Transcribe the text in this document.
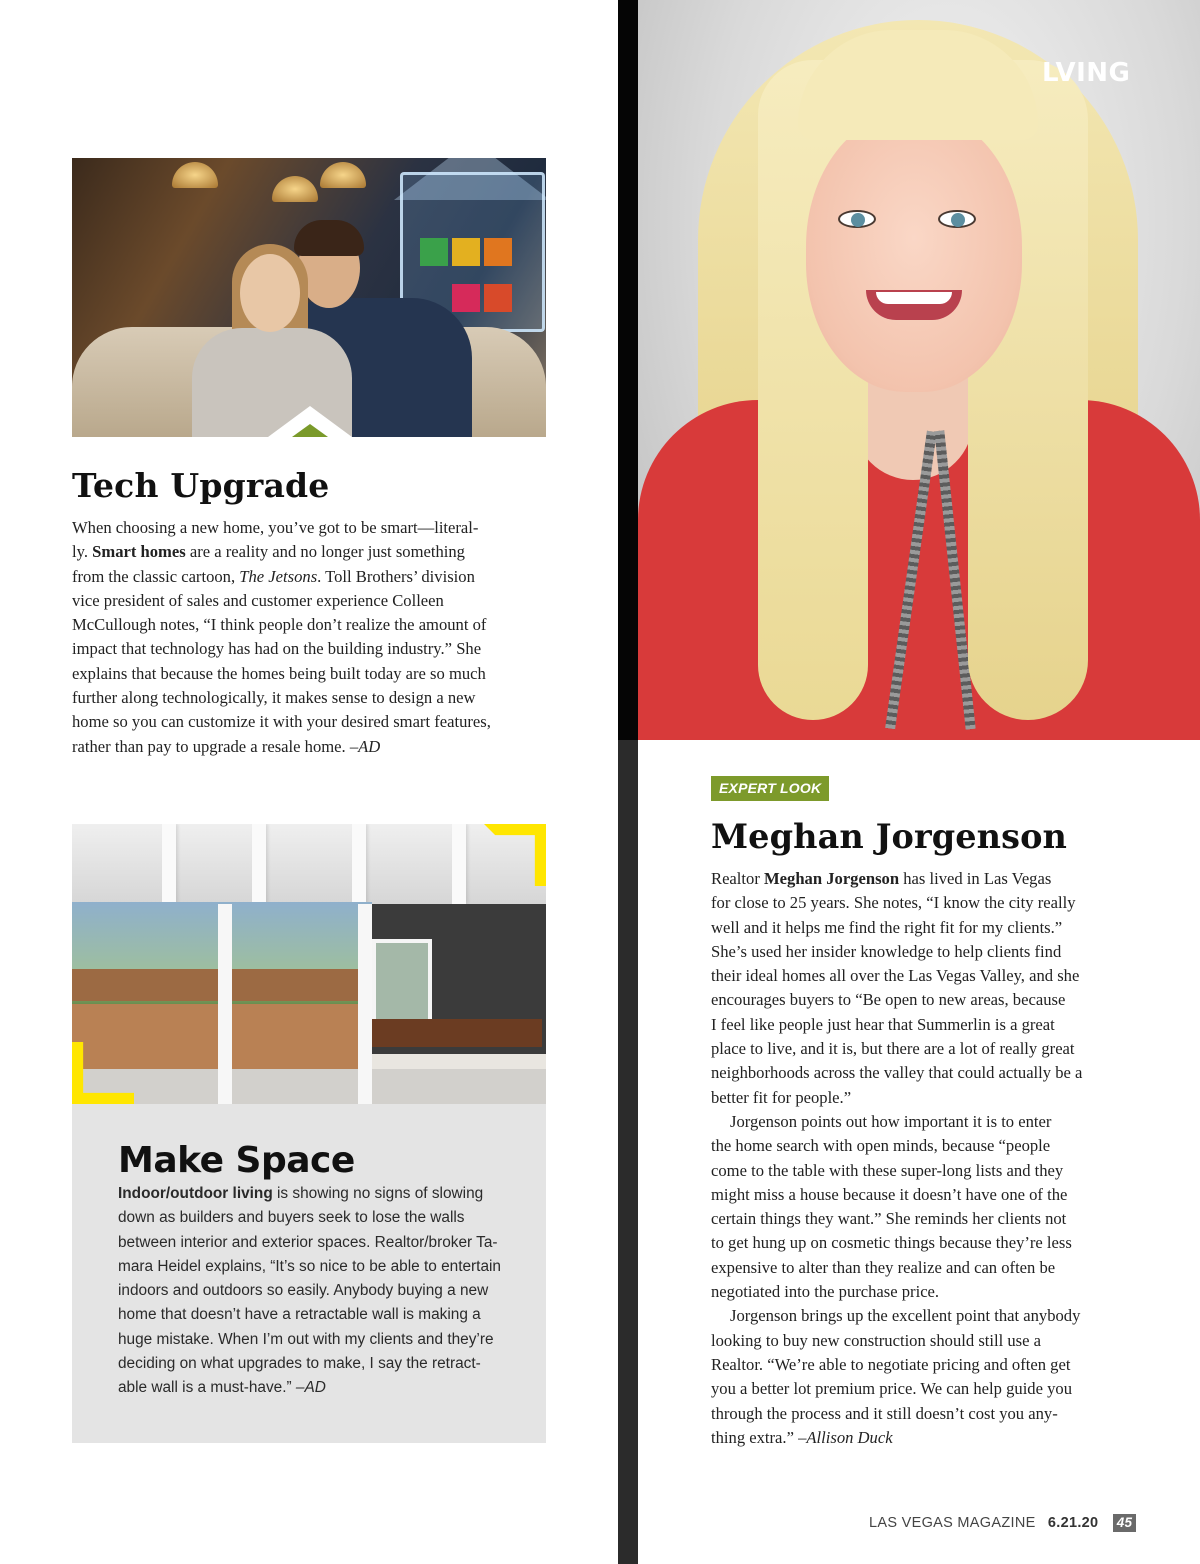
Tech Upgrade

When choosing a new home, you’ve got to be smart—literal-

ly. Smart homes are a reality and no longer just something

from the classic cartoon, The Jetsons. Toll Brothers’ division

vice president of sales and customer experience Colleen

McCullough notes, “I think people don’t realize the amount of

impact that technology has had on the building industry.” She

explains that because the homes being built today are so much

further along technologically, it makes sense to design a new

home so you can customize it with your desired smart features,

rather than pay to upgrade a resale home. –AD

Make Space

Indoor/outdoor living is showing no signs of slowing

down as builders and buyers seek to lose the walls

between interior and exterior spaces. Realtor/broker Ta-

mara Heidel explains, “It’s so nice to be able to entertain

indoors and outdoors so easily. Anybody buying a new

home that doesn’t have a retractable wall is making a

huge mistake. When I’m out with my clients and they’re

deciding on what upgrades to make, I say the retract-

able wall is a must-have.” –AD

LVING
EXPERT LOOK
Meghan Jorgenson

Realtor Meghan Jorgenson has lived in Las Vegas

for close to 25 years. She notes, “I know the city really

well and it helps me find the right fit for my clients.”

She’s used her insider knowledge to help clients find

their ideal homes all over the Las Vegas Valley, and she

encourages buyers to “Be open to new areas, because

I feel like people just hear that Summerlin is a great

place to live, and it is, but there are a lot of really great

neighborhoods across the valley that could actually be a

better fit for people.”

Jorgenson points out how important it is to enter

the home search with open minds, because “people

come to the table with these super-long lists and they

might miss a house because it doesn’t have one of the

certain things they want.” She reminds her clients not

to get hung up on cosmetic things because they’re less

expensive to alter than they realize and can often be

negotiated into the purchase price.

Jorgenson brings up the excellent point that anybody

looking to buy new construction should still use a

Realtor. “We’re able to negotiate pricing and often get

you a better lot premium price. We can help guide you

through the process and it still doesn’t cost you any-

thing extra.” –Allison Duck

LAS VEGAS MAGAZINE 6.21.20 45
